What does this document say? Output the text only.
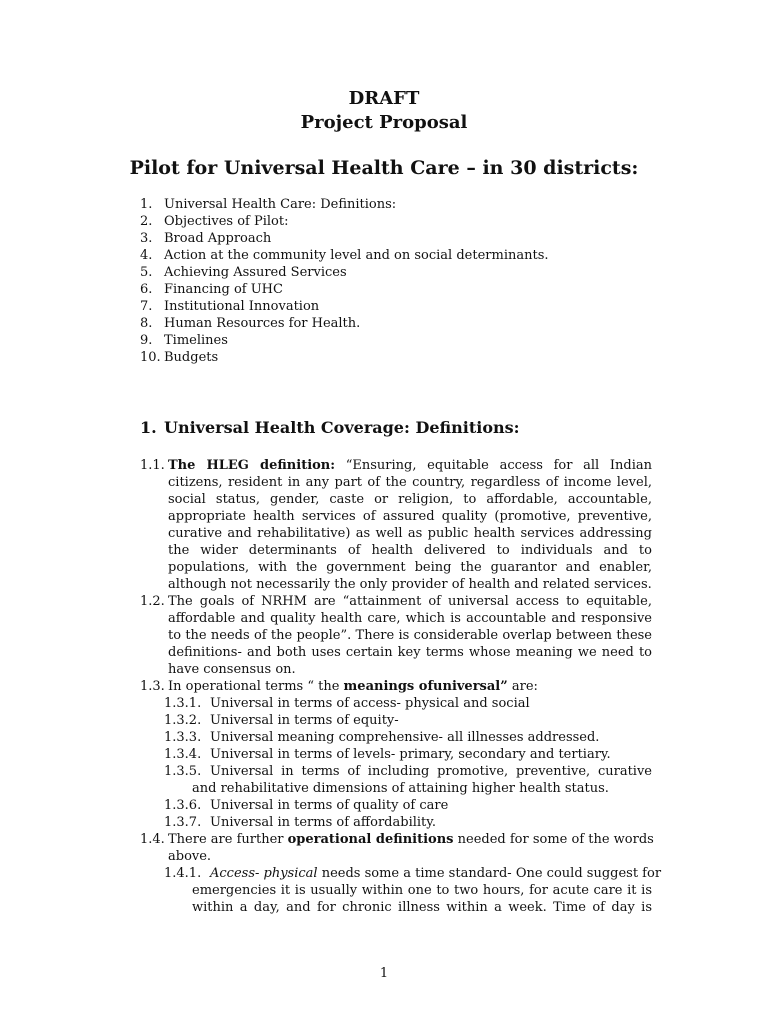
DRAFT
Project Proposal
Pilot for Universal Health Care – in 30 districts:
1. Universal Health Care: Definitions:
2. Objectives of Pilot:
3. Broad Approach
4. Action at the community level and on social determinants.
5. Achieving Assured Services
6. Financing of UHC
7. Institutional Innovation
8. Human Resources for Health.
9. Timelines
10. Budgets
1. Universal Health Coverage: Definitions:
1.1. The HLEG definition: “Ensuring, equitable access for all Indian citizens, resident in any part of the country, regardless of income level, social status, gender, caste or religion, to affordable, accountable, appropriate health services of assured quality (promotive, preventive, curative and rehabilitative) as well as public health services addressing the wider determinants of health delivered to individuals and to populations, with the government being the guarantor and enabler, although not necessarily the only provider of health and related services.
1.2. The goals of NRHM are “attainment of universal access to equitable, affordable and quality health care, which is accountable and responsive to the needs of the people”. There is considerable overlap between these definitions- and both uses certain key terms whose meaning we need to have consensus on.
1.3. In operational terms “ the meanings ofuniversal” are:
1.3.1. Universal in terms of access- physical and social
1.3.2. Universal in terms of equity-
1.3.3. Universal meaning comprehensive- all illnesses addressed.
1.3.4. Universal in terms of levels- primary, secondary and tertiary.
1.3.5. Universal in terms of including promotive, preventive, curative
and rehabilitative dimensions of attaining higher health status.
1.3.6. Universal in terms of quality of care
1.3.7. Universal in terms of affordability.
1.4. There are further operational definitions needed for some of the words
above.
1.4.1. Access- physical needs some a time standard- One could suggest for
emergencies it is usually within one to two hours, for acute care it is
within a day, and for chronic illness within a week. Time of day is
1
